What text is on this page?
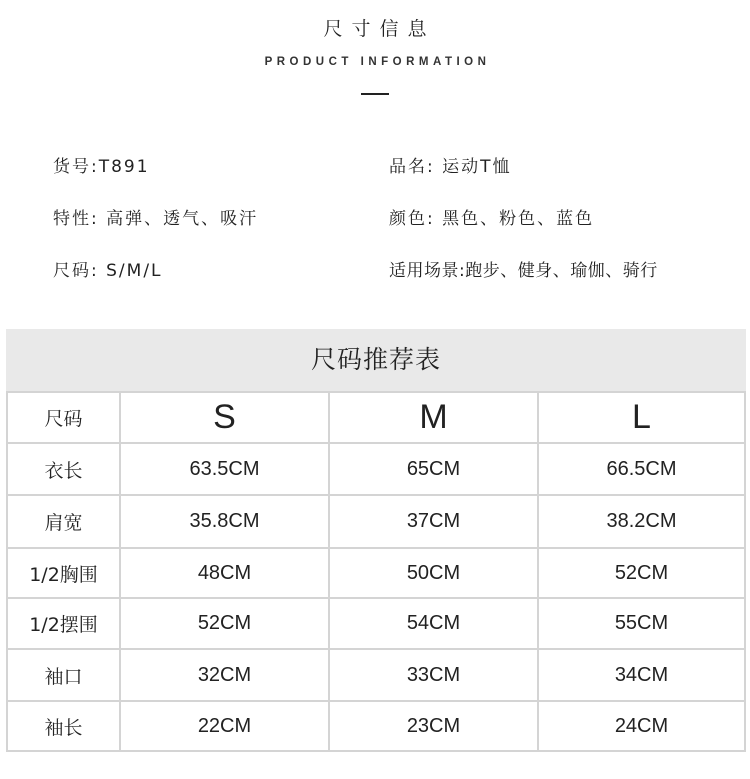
尺寸信息
PRODUCT INFORMATION
货号:T891	品名: 运动T恤
特性: 高弹、透气、吸汗	颜色: 黑色、粉色、蓝色
尺码: S/M/L	适用场景:跑步、健身、瑜伽、骑行
尺码推荐表
尺码	S	M	L
衣长	63.5CM	65CM	66.5CM
肩宽	35.8CM	37CM	38.2CM
1/2胸围	48CM	50CM	52CM
1/2摆围	52CM	54CM	55CM
袖口	32CM	33CM	34CM
袖长	22CM	23CM	24CM
